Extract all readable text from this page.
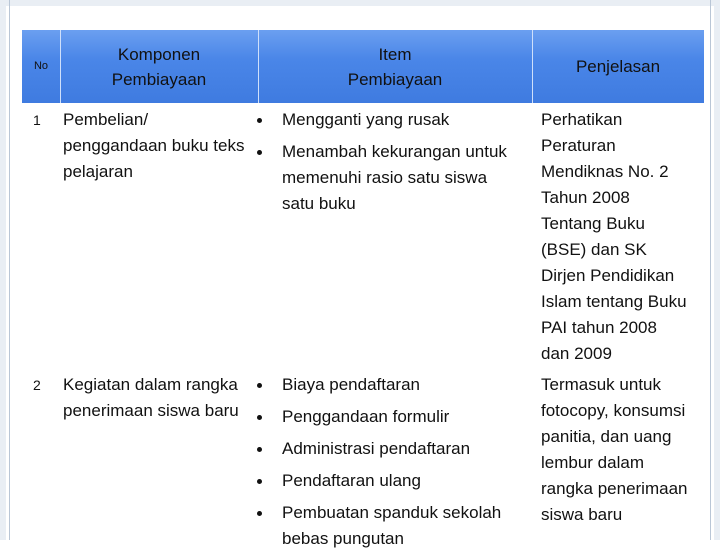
No
Komponen
Pembiayaan
Item
Pembiayaan
Penjelasan
1 Pembelian/
penggandaan buku teks
pelajaran
Mengganti yang rusak
Menambah kekurangan untuk
memenuhi rasio satu siswa
satu buku
Perhatikan
Peraturan
Mendiknas No. 2
Tahun 2008
Tentang Buku
(BSE) dan SK
Dirjen Pendidikan
Islam tentang Buku
PAI tahun 2008
dan 2009
2 Kegiatan dalam rangka
penerimaan siswa baru
Biaya pendaftaran
Penggandaan formulir
Administrasi pendaftaran
Pendaftaran ulang
Pembuatan spanduk sekolah
bebas pungutan
Termasuk untuk
fotocopy, konsumsi
panitia, dan uang
lembur dalam
rangka penerimaan
siswa baru
